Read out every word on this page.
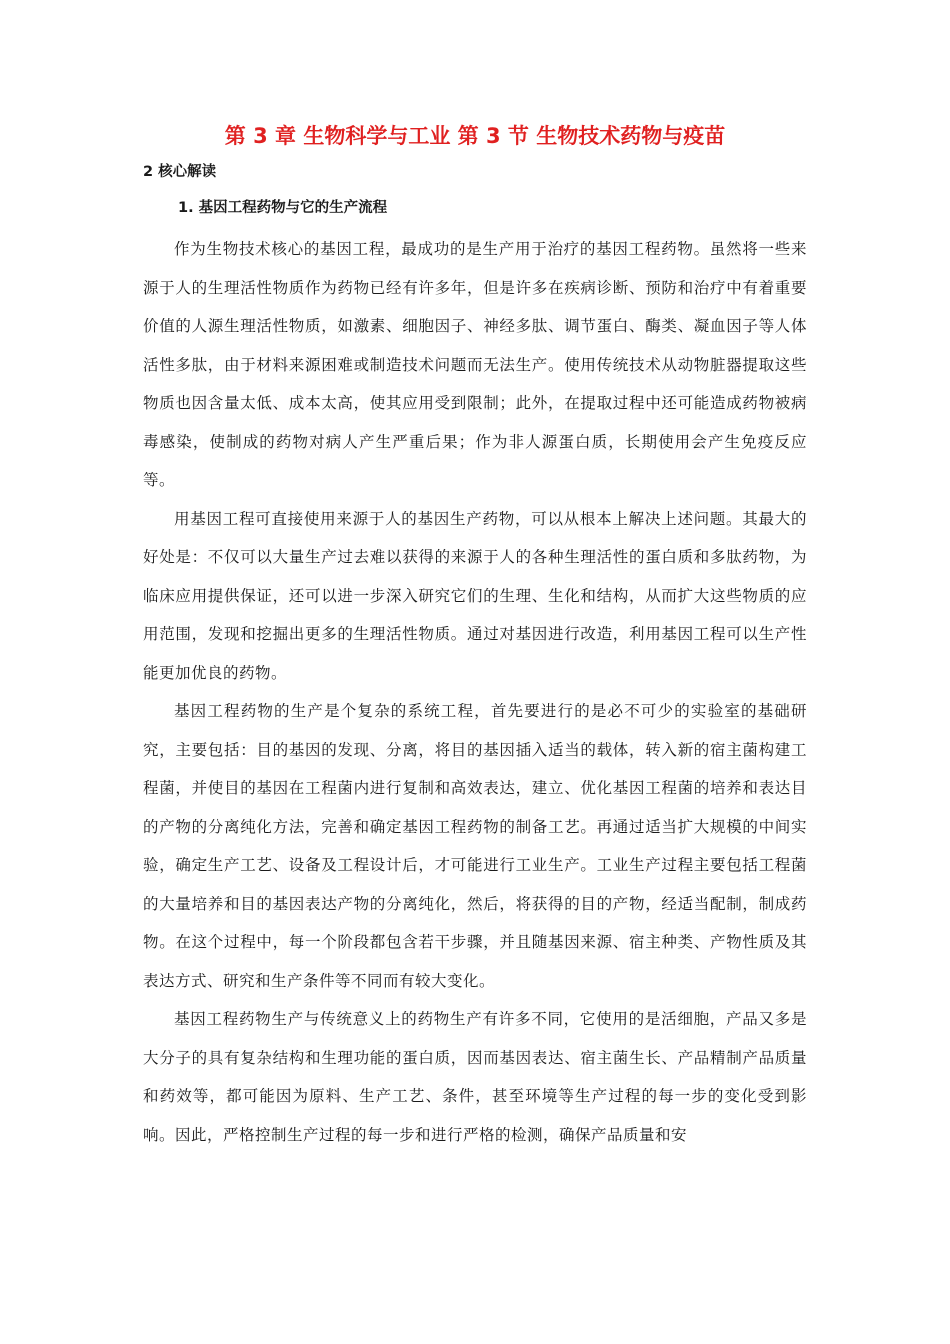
第 3 章 生物科学与工业 第 3 节 生物技术药物与疫苗
2 核心解读
1. 基因工程药物与它的生产流程

作为生物技术核心的基因工程，最成功的是生产用于治疗的基因工程药物。虽然将一些来源于人的生理活性物质作为药物已经有许多年，但是许多在疾病诊断、预防和治疗中有着重要价值的人源生理活性物质，如激素、细胞因子、神经多肽、调节蛋白、酶类、凝血因子等人体活性多肽，由于材料来源困难或制造技术问题而无法生产。使用传统技术从动物脏器提取这些物质也因含量太低、成本太高，使其应用受到限制；此外，在提取过程中还可能造成药物被病毒感染，使制成的药物对病人产生严重后果；作为非人源蛋白质，长期使用会产生免疫反应等。

用基因工程可直接使用来源于人的基因生产药物，可以从根本上解决上述问题。其最大的好处是：不仅可以大量生产过去难以获得的来源于人的各种生理活性的蛋白质和多肽药物，为临床应用提供保证，还可以进一步深入研究它们的生理、生化和结构，从而扩大这些物质的应用范围，发现和挖掘出更多的生理活性物质。通过对基因进行改造，利用基因工程可以生产性能更加优良的药物。

基因工程药物的生产是个复杂的系统工程，首先要进行的是必不可少的实验室的基础研究，主要包括：目的基因的发现、分离，将目的基因插入适当的载体，转入新的宿主菌构建工程菌，并使目的基因在工程菌内进行复制和高效表达，建立、优化基因工程菌的培养和表达目的产物的分离纯化方法，完善和确定基因工程药物的制备工艺。再通过适当扩大规模的中间实验，确定生产工艺、设备及工程设计后，才可能进行工业生产。工业生产过程主要包括工程菌的大量培养和目的基因表达产物的分离纯化，然后，将获得的目的产物，经适当配制，制成药物。在这个过程中，每一个阶段都包含若干步骤，并且随基因来源、宿主种类、产物性质及其表达方式、研究和生产条件等不同而有较大变化。

基因工程药物生产与传统意义上的药物生产有许多不同，它使用的是活细胞，产品又多是大分子的具有复杂结构和生理功能的蛋白质，因而基因表达、宿主菌生长、产品精制产品质量和药效等，都可能因为原料、生产工艺、条件，甚至环境等生产过程的每一步的变化受到影响。因此，严格控制生产过程的每一步和进行严格的检测，确保产品质量和安
